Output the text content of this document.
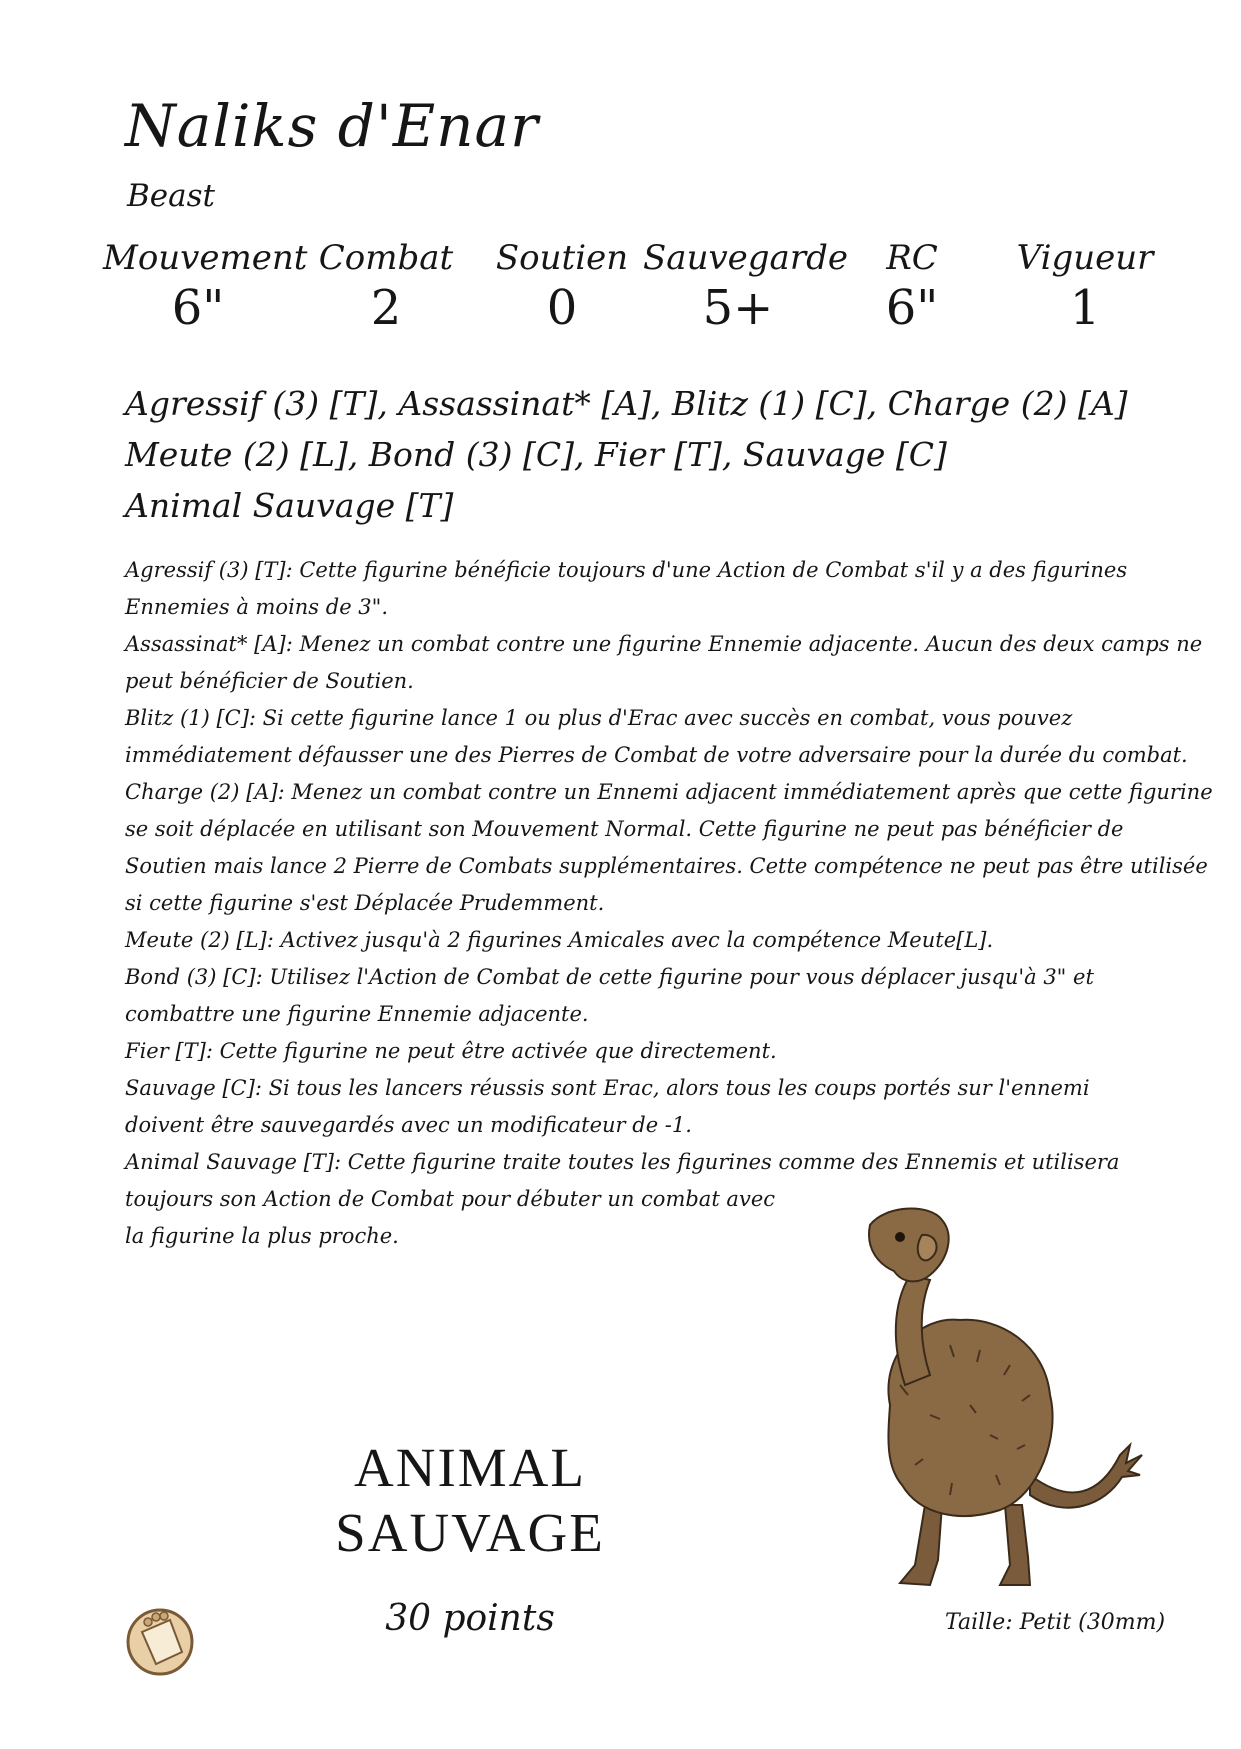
Naliks d'Enar
Beast
Mouvement
6"
Combat
2
Soutien
0
Sauvegarde
5+
RC
6"
Vigueur
1
Agressif (3) [T], Assassinat* [A], Blitz (1) [C], Charge (2) [A]
Meute (2) [L], Bond (3) [C], Fier [T], Sauvage [C]
Animal Sauvage [T]
Agressif (3) [T]: Cette figurine bénéficie toujours d'une Action de Combat s'il y a des figurines
Ennemies à moins de 3".
Assassinat* [A]: Menez un combat contre une figurine Ennemie adjacente. Aucun des deux camps ne
peut bénéficier de Soutien.
Blitz (1) [C]: Si cette figurine lance 1 ou plus d'Erac avec succès en combat, vous pouvez
immédiatement défausser une des Pierres de Combat de votre adversaire pour la durée du combat.
Charge (2) [A]: Menez un combat contre un Ennemi adjacent immédiatement après que cette figurine
se soit déplacée en utilisant son Mouvement Normal. Cette figurine ne peut pas bénéficier de
Soutien mais lance 2 Pierre de Combats supplémentaires. Cette compétence ne peut pas être utilisée
si cette figurine s'est Déplacée Prudemment.
Meute (2) [L]: Activez jusqu'à 2 figurines Amicales avec la compétence Meute[L].
Bond (3) [C]: Utilisez l'Action de Combat de cette figurine pour vous déplacer jusqu'à 3" et
combattre une figurine Ennemie adjacente.
Fier [T]: Cette figurine ne peut être activée que directement.
Sauvage [C]: Si tous les lancers réussis sont Erac, alors tous les coups portés sur l'ennemi
doivent être sauvegardés avec un modificateur de -1.
Animal Sauvage [T]: Cette figurine traite toutes les figurines comme des Ennemis et utilisera
toujours son Action de Combat pour débuter un combat avec
la figurine la plus proche.
ANIMAL
SAUVAGE
30 points	Taille: Petit (30mm)
